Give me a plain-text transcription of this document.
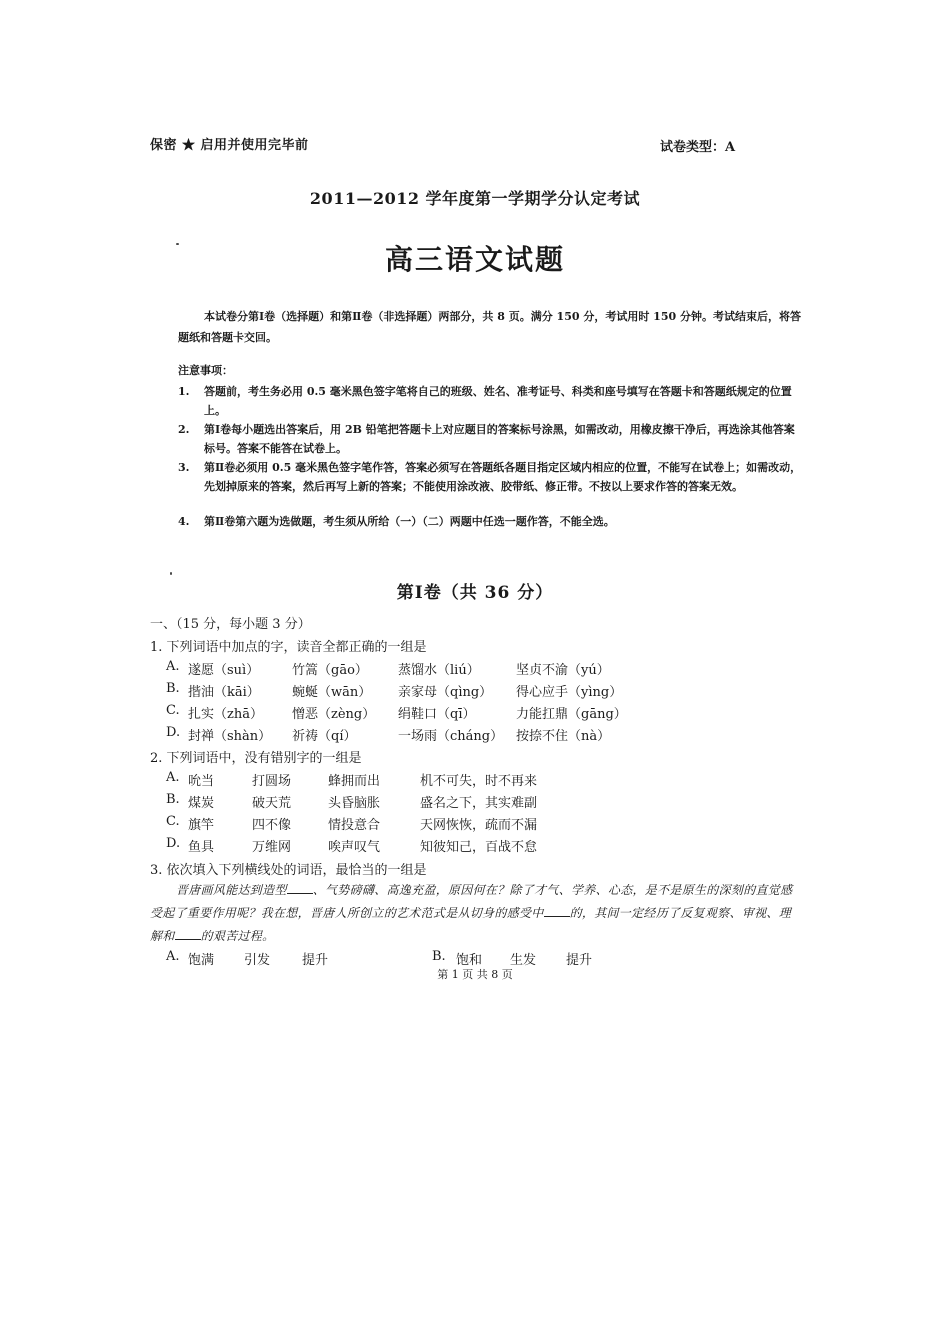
保密 ★ 启用并使用完毕前	试卷类型：A
2011—2012 学年度第一学期学分认定考试
高三语文试题
本试卷分第Ⅰ卷（选择题）和第Ⅱ卷（非选择题）两部分，共 8 页。满分 150 分，考试用时 150 分钟。考试结束后，将答题纸和答题卡交回。
注意事项：
1.	答题前，考生务必用 0.5 毫米黑色签字笔将自己的班级、姓名、准考证号、科类和座号填写在答题卡和答题纸规定的位置上。
2.	第Ⅰ卷每小题选出答案后，用 2B 铅笔把答题卡上对应题目的答案标号涂黑，如需改动，用橡皮擦干净后，再选涂其他答案标号。答案不能答在试卷上。
3.	第Ⅱ卷必须用 0.5 毫米黑色签字笔作答，答案必须写在答题纸各题目指定区域内相应的位置，不能写在试卷上；如需改动，先划掉原来的答案，然后再写上新的答案；不能使用涂改液、胶带纸、修正带。不按以上要求作答的答案无效。
4.	第Ⅱ卷第六题为选做题，考生须从所给（一）（二）两题中任选一题作答，不能全选。
第Ⅰ卷（共 36 分）
一、（15 分，每小题 3 分）
1. 下列词语中加点的字，读音全都正确的一组是
A. 遂愿（suì）	竹篙（gāo） 蒸馏水（liú）	坚贞不渝（yú）
B. 揩油（kāi） 蜿蜒（wān） 亲家母（qìng） 得心应手（yìng）
C. 扎实（zhā） 憎恶（zèng） 绢鞋口（qī）	力能扛鼎（gāng）
D. 封禅（shàn） 祈祷（qí）	一场雨（cháng） 按捺不住（nà）
2. 下列词语中，没有错别字的一组是
A. 吮当	打圆场	蜂拥而出	机不可失，时不再来
B. 煤炭	破天荒	头昏脑胀	盛名之下，其实难副
C. 旗竿	四不像	情投意合	天网恢恢，疏而不漏
D. 鱼具	万维网	唉声叹气	知彼知己，百战不怠
3. 依次填入下列横线处的词语，最恰当的一组是
晋唐画风能达到造型 、气势磅礴、高逸充盈，原因何在？除了才气、学养、心态，是不是原生的深刻的直觉感受起了重要作用呢？我在想，晋唐人所创立的艺术范式是从切身的感受中 的，其间一定经历了反复观察、审视、理解和 的艰苦过程。
A. 饱满 引发 提升	B. 饱和 生发 提升
第 1 页 共 8 页
